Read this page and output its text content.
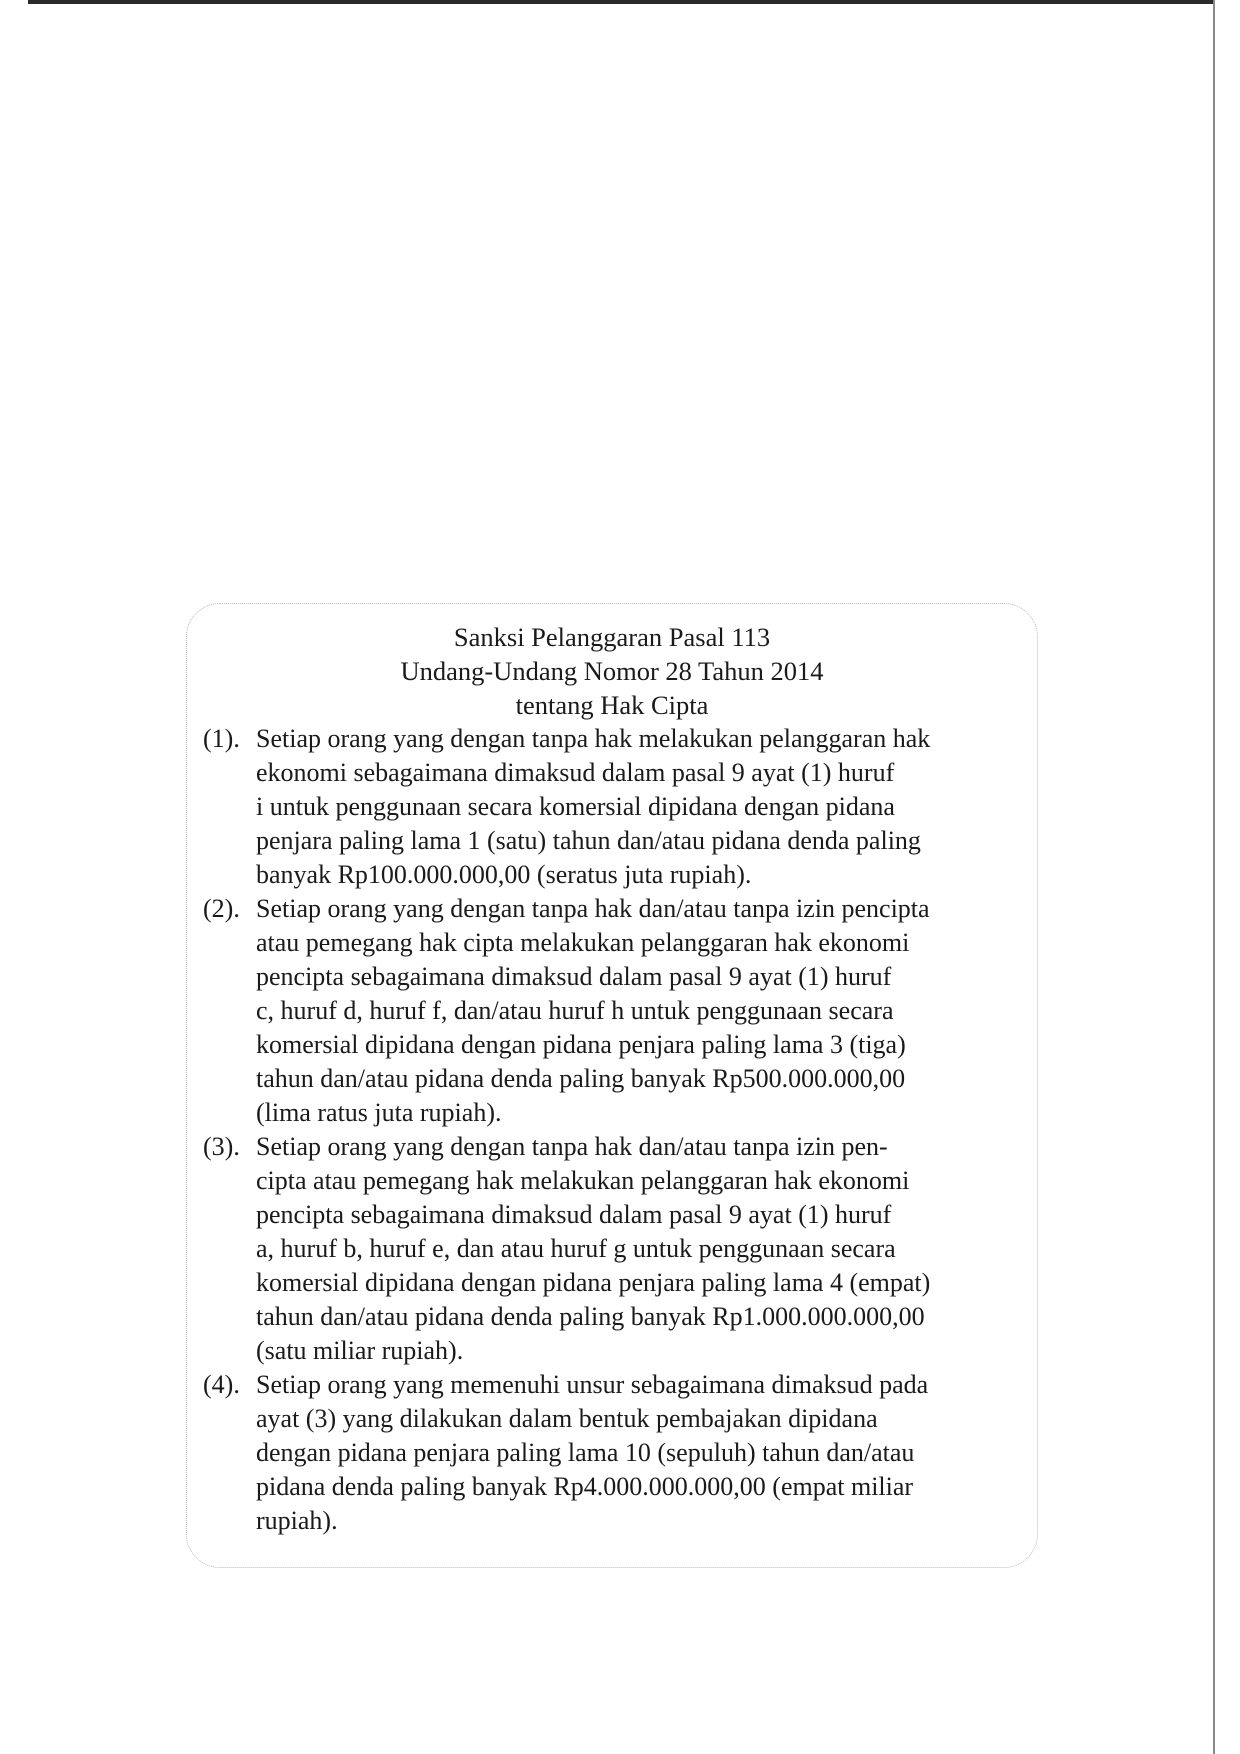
Sanksi Pelanggaran Pasal 113
Undang-Undang Nomor 28 Tahun 2014
tentang Hak Cipta
(1). Setiap orang yang dengan tanpa hak melakukan pelanggaran hak
ekonomi sebagaimana dimaksud dalam pasal 9 ayat (1) huruf
i untuk penggunaan secara komersial dipidana dengan pidana
penjara paling lama 1 (satu) tahun dan/atau pidana denda paling
banyak Rp100.000.000,00 (seratus juta rupiah).
(2). Setiap orang yang dengan tanpa hak dan/atau tanpa izin pencipta
atau pemegang hak cipta melakukan pelanggaran hak ekonomi
pencipta sebagaimana dimaksud dalam pasal 9 ayat (1) huruf
c, huruf d, huruf f, dan/atau huruf h untuk penggunaan secara
komersial dipidana dengan pidana penjara paling lama 3 (tiga)
tahun dan/atau pidana denda paling banyak Rp500.000.000,00
(lima ratus juta rupiah).
(3). Setiap orang yang dengan tanpa hak dan/atau tanpa izin pen-
cipta atau pemegang hak melakukan pelanggaran hak ekonomi
pencipta sebagaimana dimaksud dalam pasal 9 ayat (1) huruf
a, huruf b, huruf e, dan atau huruf g untuk penggunaan secara
komersial dipidana dengan pidana penjara paling lama 4 (empat)
tahun dan/atau pidana denda paling banyak Rp1.000.000.000,00
(satu miliar rupiah).
(4). Setiap orang yang memenuhi unsur sebagaimana dimaksud pada
ayat (3) yang dilakukan dalam bentuk pembajakan dipidana
dengan pidana penjara paling lama 10 (sepuluh) tahun dan/atau
pidana denda paling banyak Rp4.000.000.000,00 (empat miliar
rupiah).
